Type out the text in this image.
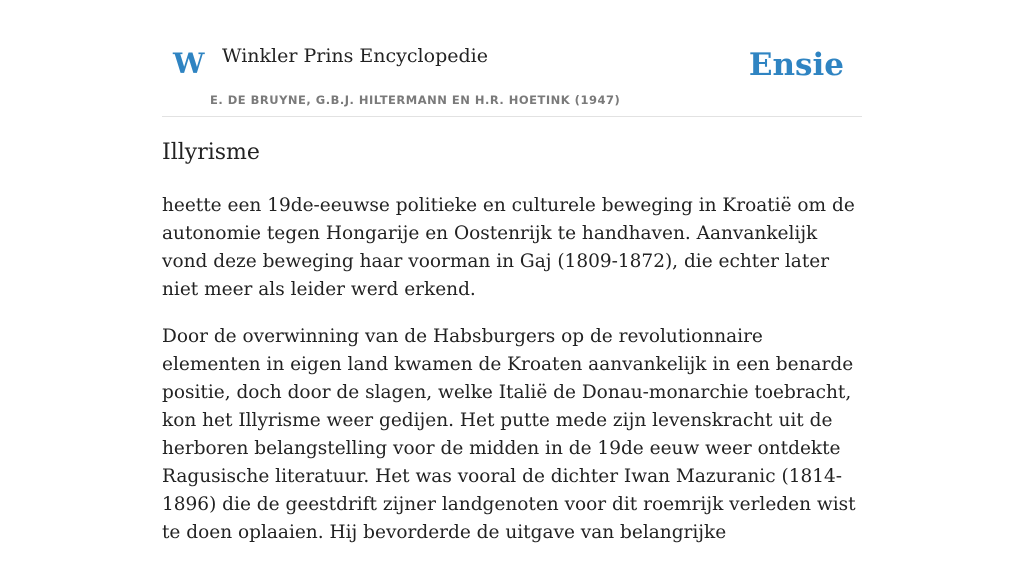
W Winkler Prins Encyclopedie
E. DE BRUYNE, G.B.J. HILTERMANN EN H.R. HOETINK (1947)
Ensie
Illyrisme

heette een 19de-eeuwse politieke en culturele beweging in Kroatië om de autonomie tegen Hongarije en Oostenrijk te handhaven. Aanvankelijk vond deze beweging haar voorman in Gaj (1809-1872), die echter later niet meer als leider werd erkend.

Door de overwinning van de Habsburgers op de revolutionnaire elementen in eigen land kwamen de Kroaten aanvankelijk in een benarde positie, doch door de slagen, welke Italië de Donau-monarchie toebracht, kon het Illyrisme weer gedijen. Het putte mede zijn levenskracht uit de herboren belangstelling voor de midden in de 19de eeuw weer ontdekte Ragusische literatuur. Het was vooral de dichter Iwan Mazuranic (1814-1896) die de geestdrift zijner landgenoten voor dit roemrijk verleden wist te doen oplaaien. Hij bevorderde de uitgave van belangrijke
